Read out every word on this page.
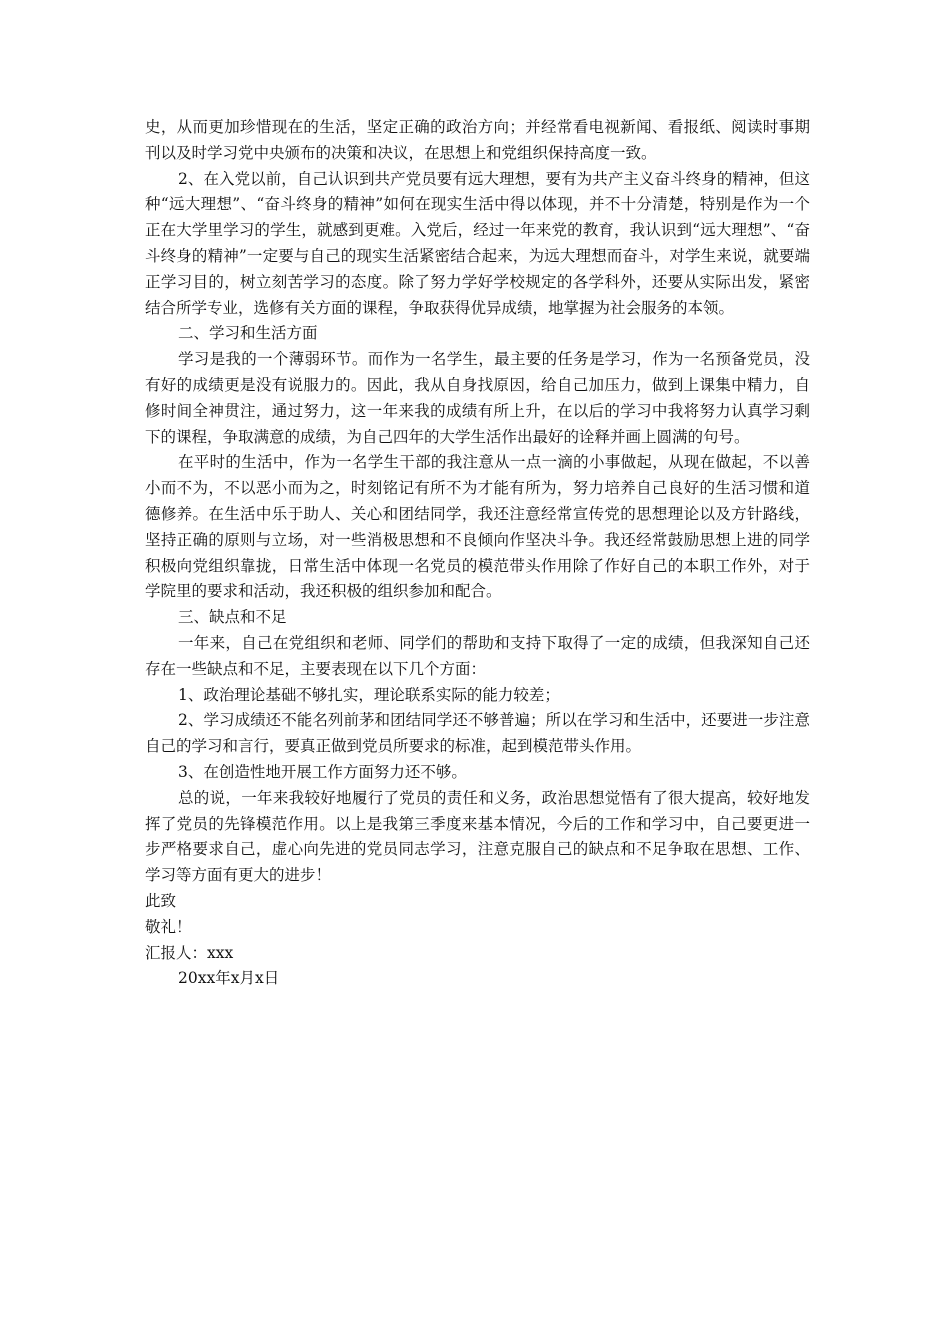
史，从而更加珍惜现在的生活，坚定正确的政治方向；并经常看电视新闻、看报纸、阅读时事期刊以及时学习党中央颁布的决策和决议，在思想上和党组织保持高度一致。

2、在入党以前，自己认识到共产党员要有远大理想，要有为共产主义奋斗终身的精神，但这种“远大理想”、“奋斗终身的精神”如何在现实生活中得以体现，并不十分清楚，特别是作为一个正在大学里学习的学生，就感到更难。入党后，经过一年来党的教育，我认识到“远大理想”、“奋斗终身的精神”一定要与自己的现实生活紧密结合起来，为远大理想而奋斗，对学生来说，就要端正学习目的，树立刻苦学习的态度。除了努力学好学校规定的各学科外，还要从实际出发，紧密结合所学专业，选修有关方面的课程，争取获得优异成绩，地掌握为社会服务的本领。

二、学习和生活方面

学习是我的一个薄弱环节。而作为一名学生，最主要的任务是学习，作为一名预备党员，没有好的成绩更是没有说服力的。因此，我从自身找原因，给自己加压力，做到上课集中精力，自修时间全神贯注，通过努力，这一年来我的成绩有所上升，在以后的学习中我将努力认真学习剩下的课程，争取满意的成绩，为自己四年的大学生活作出最好的诠释并画上圆满的句号。

在平时的生活中，作为一名学生干部的我注意从一点一滴的小事做起，从现在做起，不以善小而不为，不以恶小而为之，时刻铭记有所不为才能有所为，努力培养自己良好的生活习惯和道德修养。在生活中乐于助人、关心和团结同学，我还注意经常宣传党的思想理论以及方针路线，坚持正确的原则与立场，对一些消极思想和不良倾向作坚决斗争。我还经常鼓励思想上进的同学积极向党组织靠拢，日常生活中体现一名党员的模范带头作用除了作好自己的本职工作外，对于学院里的要求和活动，我还积极的组织参加和配合。

三、缺点和不足

一年来，自己在党组织和老师、同学们的帮助和支持下取得了一定的成绩，但我深知自己还存在一些缺点和不足，主要表现在以下几个方面：

1、政治理论基础不够扎实，理论联系实际的能力较差；

2、学习成绩还不能名列前茅和团结同学还不够普遍；所以在学习和生活中，还要进一步注意自己的学习和言行，要真正做到党员所要求的标准，起到模范带头作用。

3、在创造性地开展工作方面努力还不够。

总的说，一年来我较好地履行了党员的责任和义务，政治思想觉悟有了很大提高，较好地发挥了党员的先锋模范作用。以上是我第三季度来基本情况，今后的工作和学习中，自己要更进一步严格要求自己，虚心向先进的党员同志学习，注意克服自己的缺点和不足争取在思想、工作、学习等方面有更大的进步！

此致

敬礼！

汇报人：xxx

20xx年x月x日
